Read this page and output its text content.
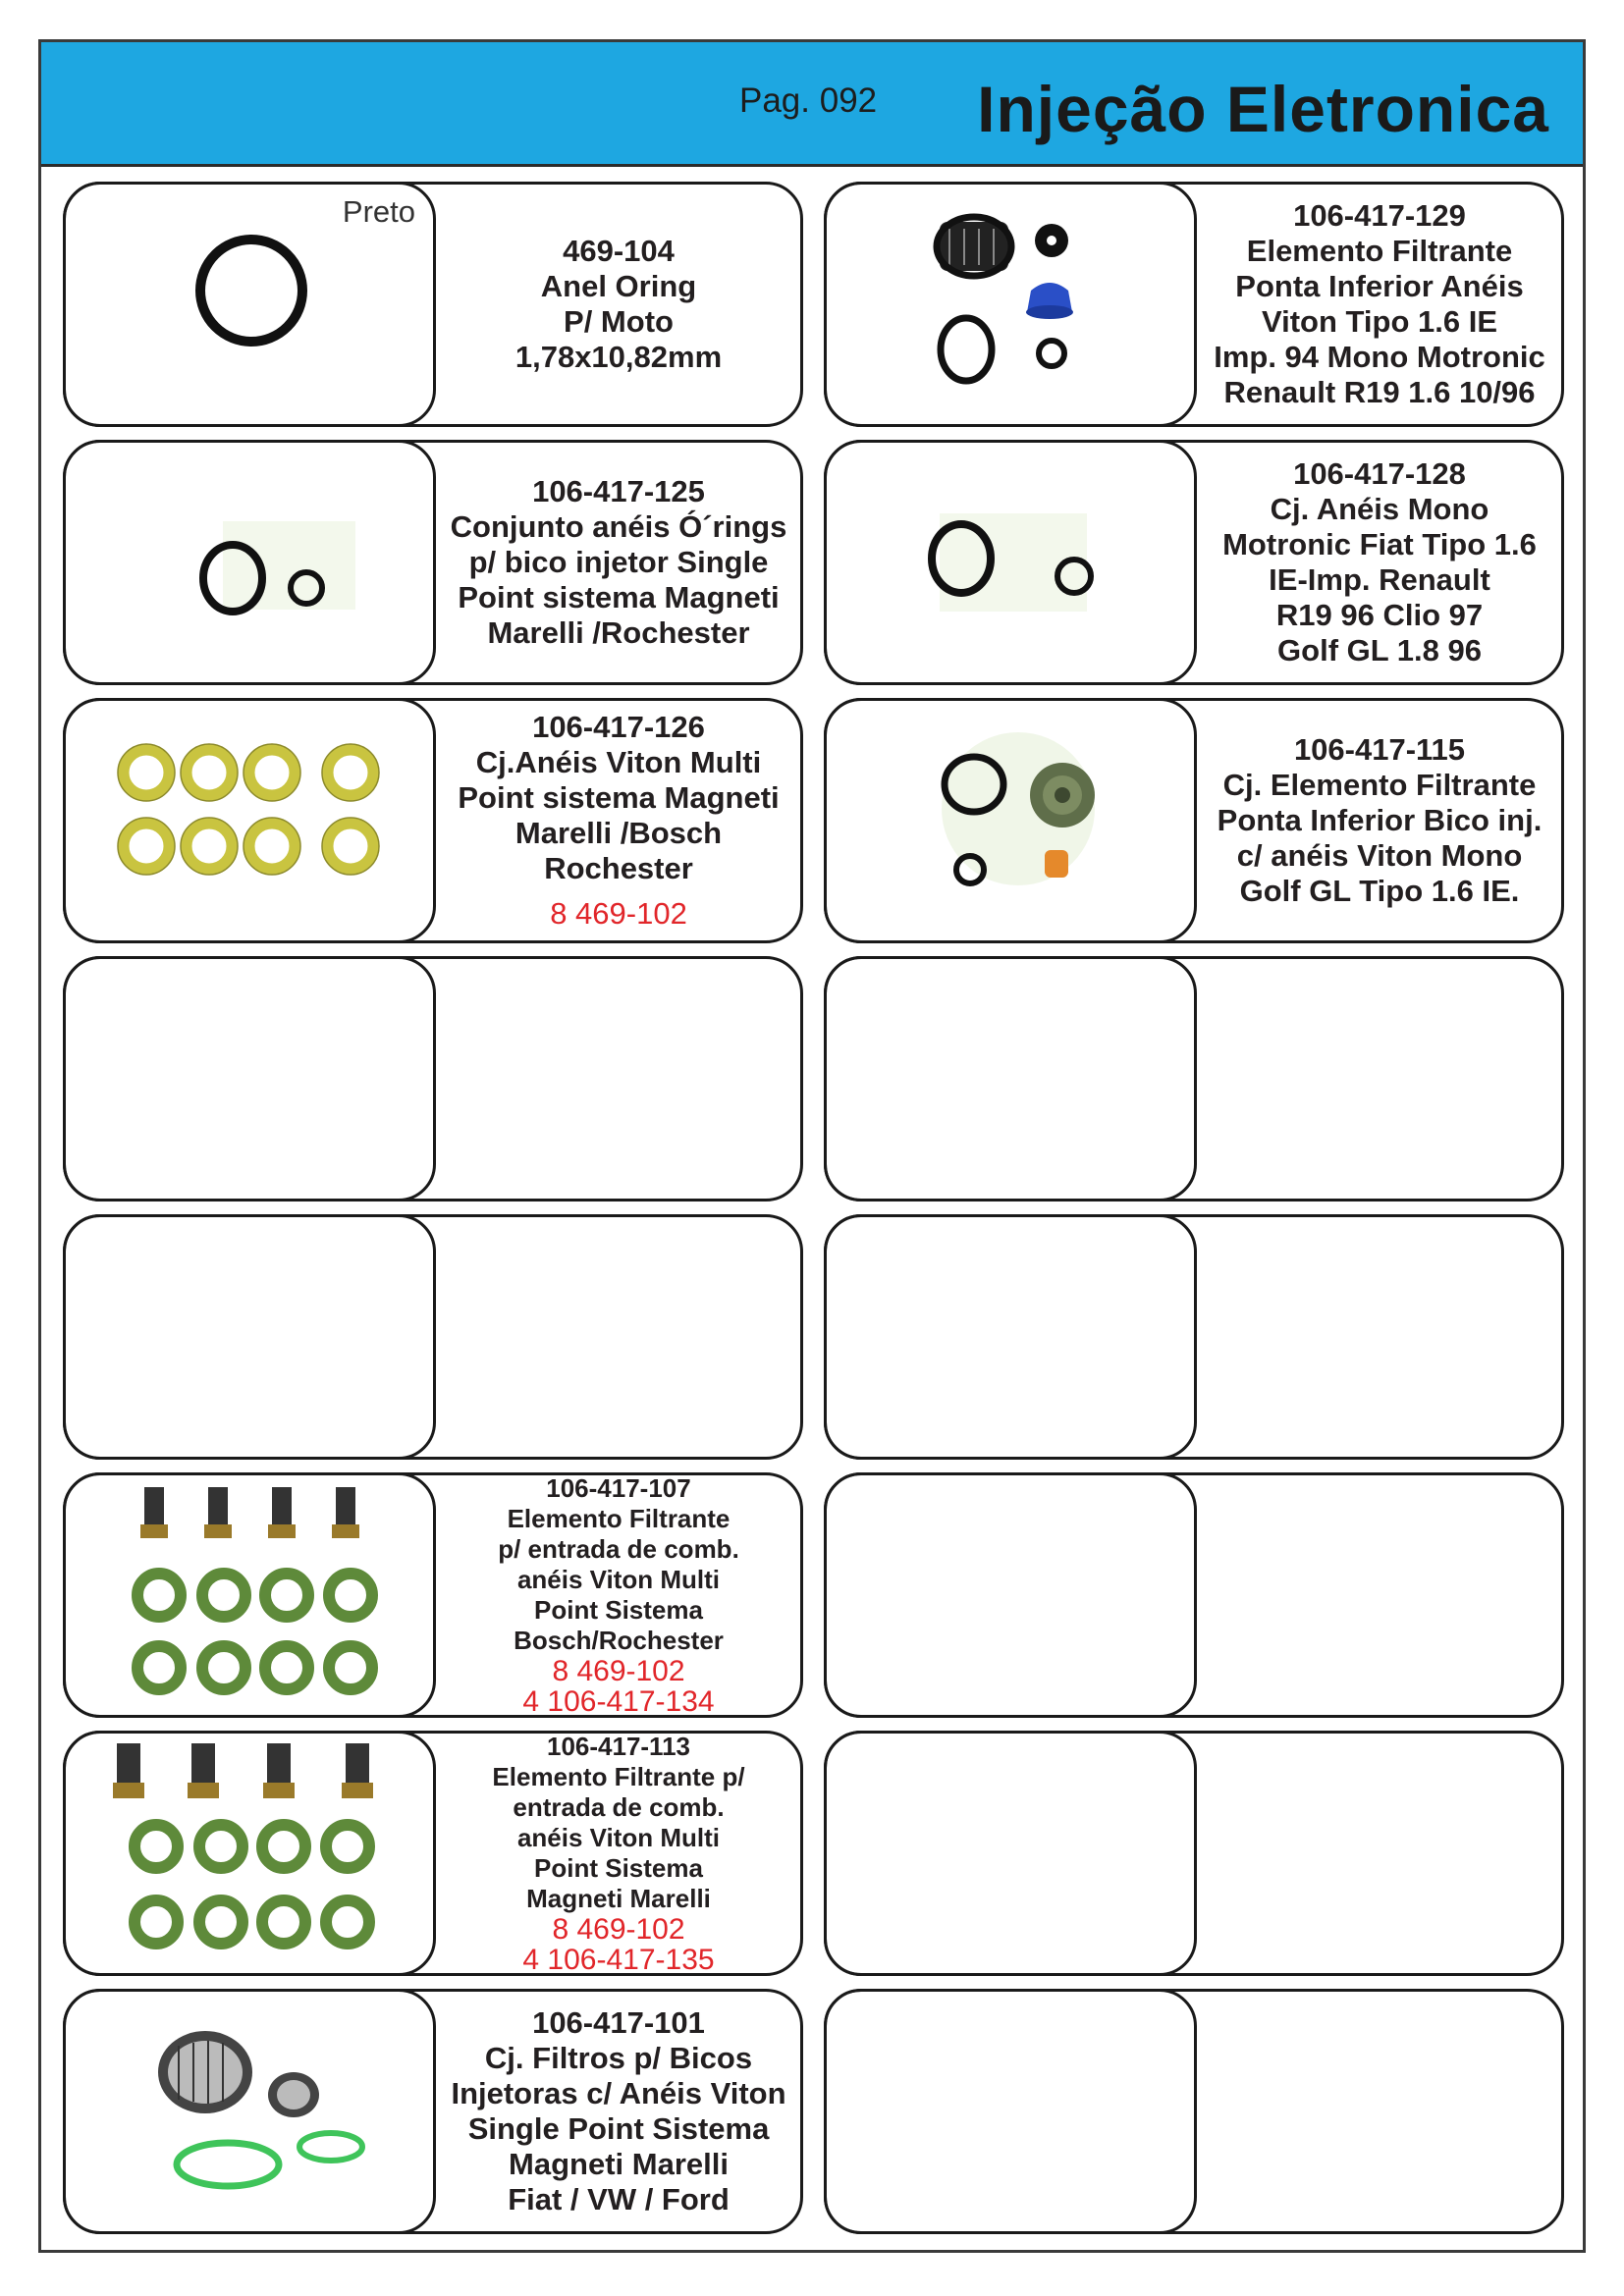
Pag. 092 Injeção Eletronica
Preto
469-104
Anel Oring
P/ Moto
1,78x10,82mm
106-417-129
Elemento Filtrante
Ponta Inferior Anéis
Viton Tipo 1.6 IE
Imp. 94 Mono Motronic
Renault R19 1.6 10/96
106-417-125
Conjunto anéis Ó´rings
p/ bico injetor Single
Point sistema Magneti
Marelli /Rochester
106-417-128
Cj. Anéis Mono
Motronic Fiat Tipo 1.6
IE-Imp. Renault
R19 96 Clio 97
Golf GL 1.8 96
106-417-126
Cj.Anéis Viton Multi
Point sistema Magneti
Marelli /Bosch
Rochester
8 469-102
106-417-115
Cj. Elemento Filtrante
Ponta Inferior Bico inj.
c/ anéis Viton Mono
Golf GL Tipo 1.6 IE.
106-417-107
Elemento Filtrante
p/ entrada de comb.
anéis Viton Multi
Point Sistema
Bosch/Rochester
8 469-102
4 106-417-134
106-417-113
Elemento Filtrante p/
entrada de comb.
anéis Viton Multi
Point Sistema
Magneti Marelli
8 469-102
4 106-417-135
106-417-101
Cj. Filtros p/ Bicos
Injetoras c/ Anéis Viton
Single Point Sistema
Magneti Marelli
Fiat / VW / Ford
